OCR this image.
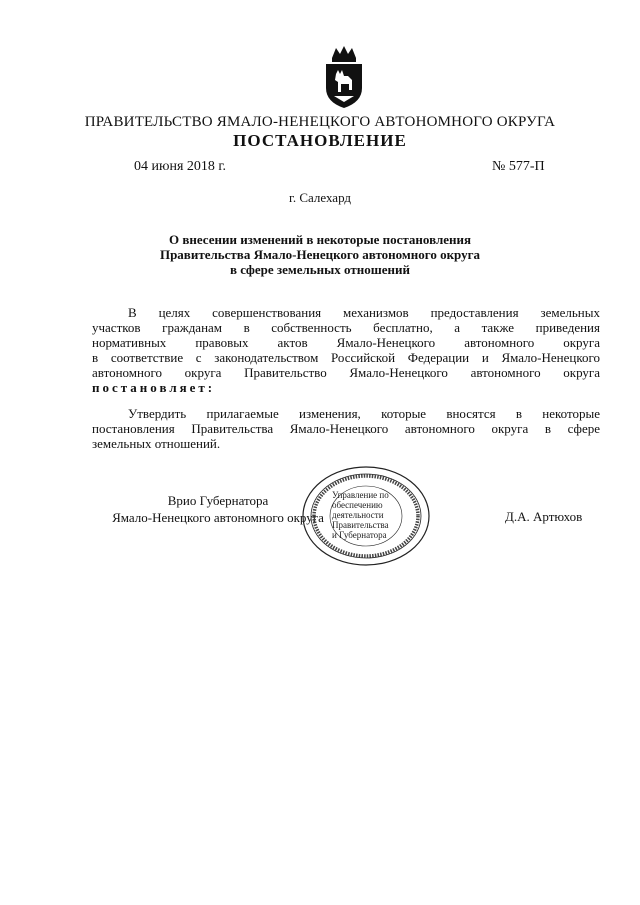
ПРАВИТЕЛЬСТВО ЯМАЛО-НЕНЕЦКОГО АВТОНОМНОГО ОКРУГА
ПОСТАНОВЛЕНИЕ
04 июня 2018 г.	№ 577-П
г. Салехард
О внесении изменений в некоторые постановления
Правительства Ямало-Ненецкого автономного округа
в сфере земельных отношений
В целях совершенствования механизмов предоставления земельных
участков гражданам в собственность бесплатно, а также приведения
нормативных правовых актов Ямало-Ненецкого автономного округа
в соответствие с законодательством Российской Федерации и Ямало-Ненецкого
автономного округа Правительство Ямало-Ненецкого автономного округа
постановляет:
Утвердить прилагаемые изменения, которые вносятся в некоторые
постановления Правительства Ямало-Ненецкого автономного округа в сфере
земельных отношений.
Врио Губернатора
Ямало-Ненецкого автономного округа
Управление по
обеспечению
деятельности
Правительства
и Губернатора
Д.А. Артюхов
